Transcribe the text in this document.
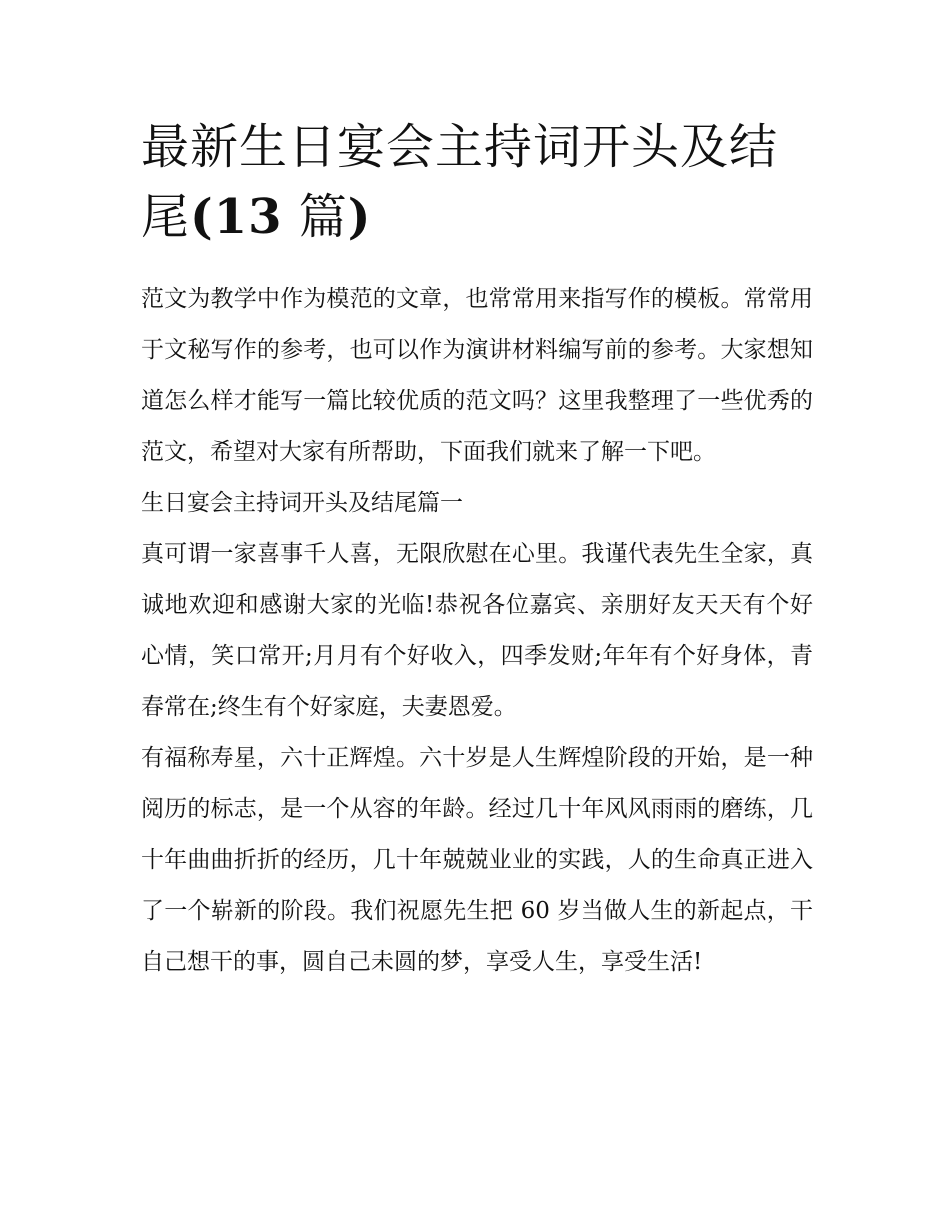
最新生日宴会主持词开头及结尾(13 篇)

范文为教学中作为模范的文章，也常常用来指写作的模板。常常用于文秘写作的参考，也可以作为演讲材料编写前的参考。大家想知道怎么样才能写一篇比较优质的范文吗？这里我整理了一些优秀的范文，希望对大家有所帮助，下面我们就来了解一下吧。

生日宴会主持词开头及结尾篇一

真可谓一家喜事千人喜，无限欣慰在心里。我谨代表先生全家，真诚地欢迎和感谢大家的光临!恭祝各位嘉宾、亲朋好友天天有个好心情，笑口常开;月月有个好收入，四季发财;年年有个好身体，青春常在;终生有个好家庭，夫妻恩爱。

有福称寿星，六十正辉煌。六十岁是人生辉煌阶段的开始，是一种阅历的标志，是一个从容的年龄。经过几十年风风雨雨的磨练，几十年曲曲折折的经历，几十年兢兢业业的实践，人的生命真正进入了一个崭新的阶段。我们祝愿先生把 60 岁当做人生的新起点，干自己想干的事，圆自己未圆的梦，享受人生，享受生活!
